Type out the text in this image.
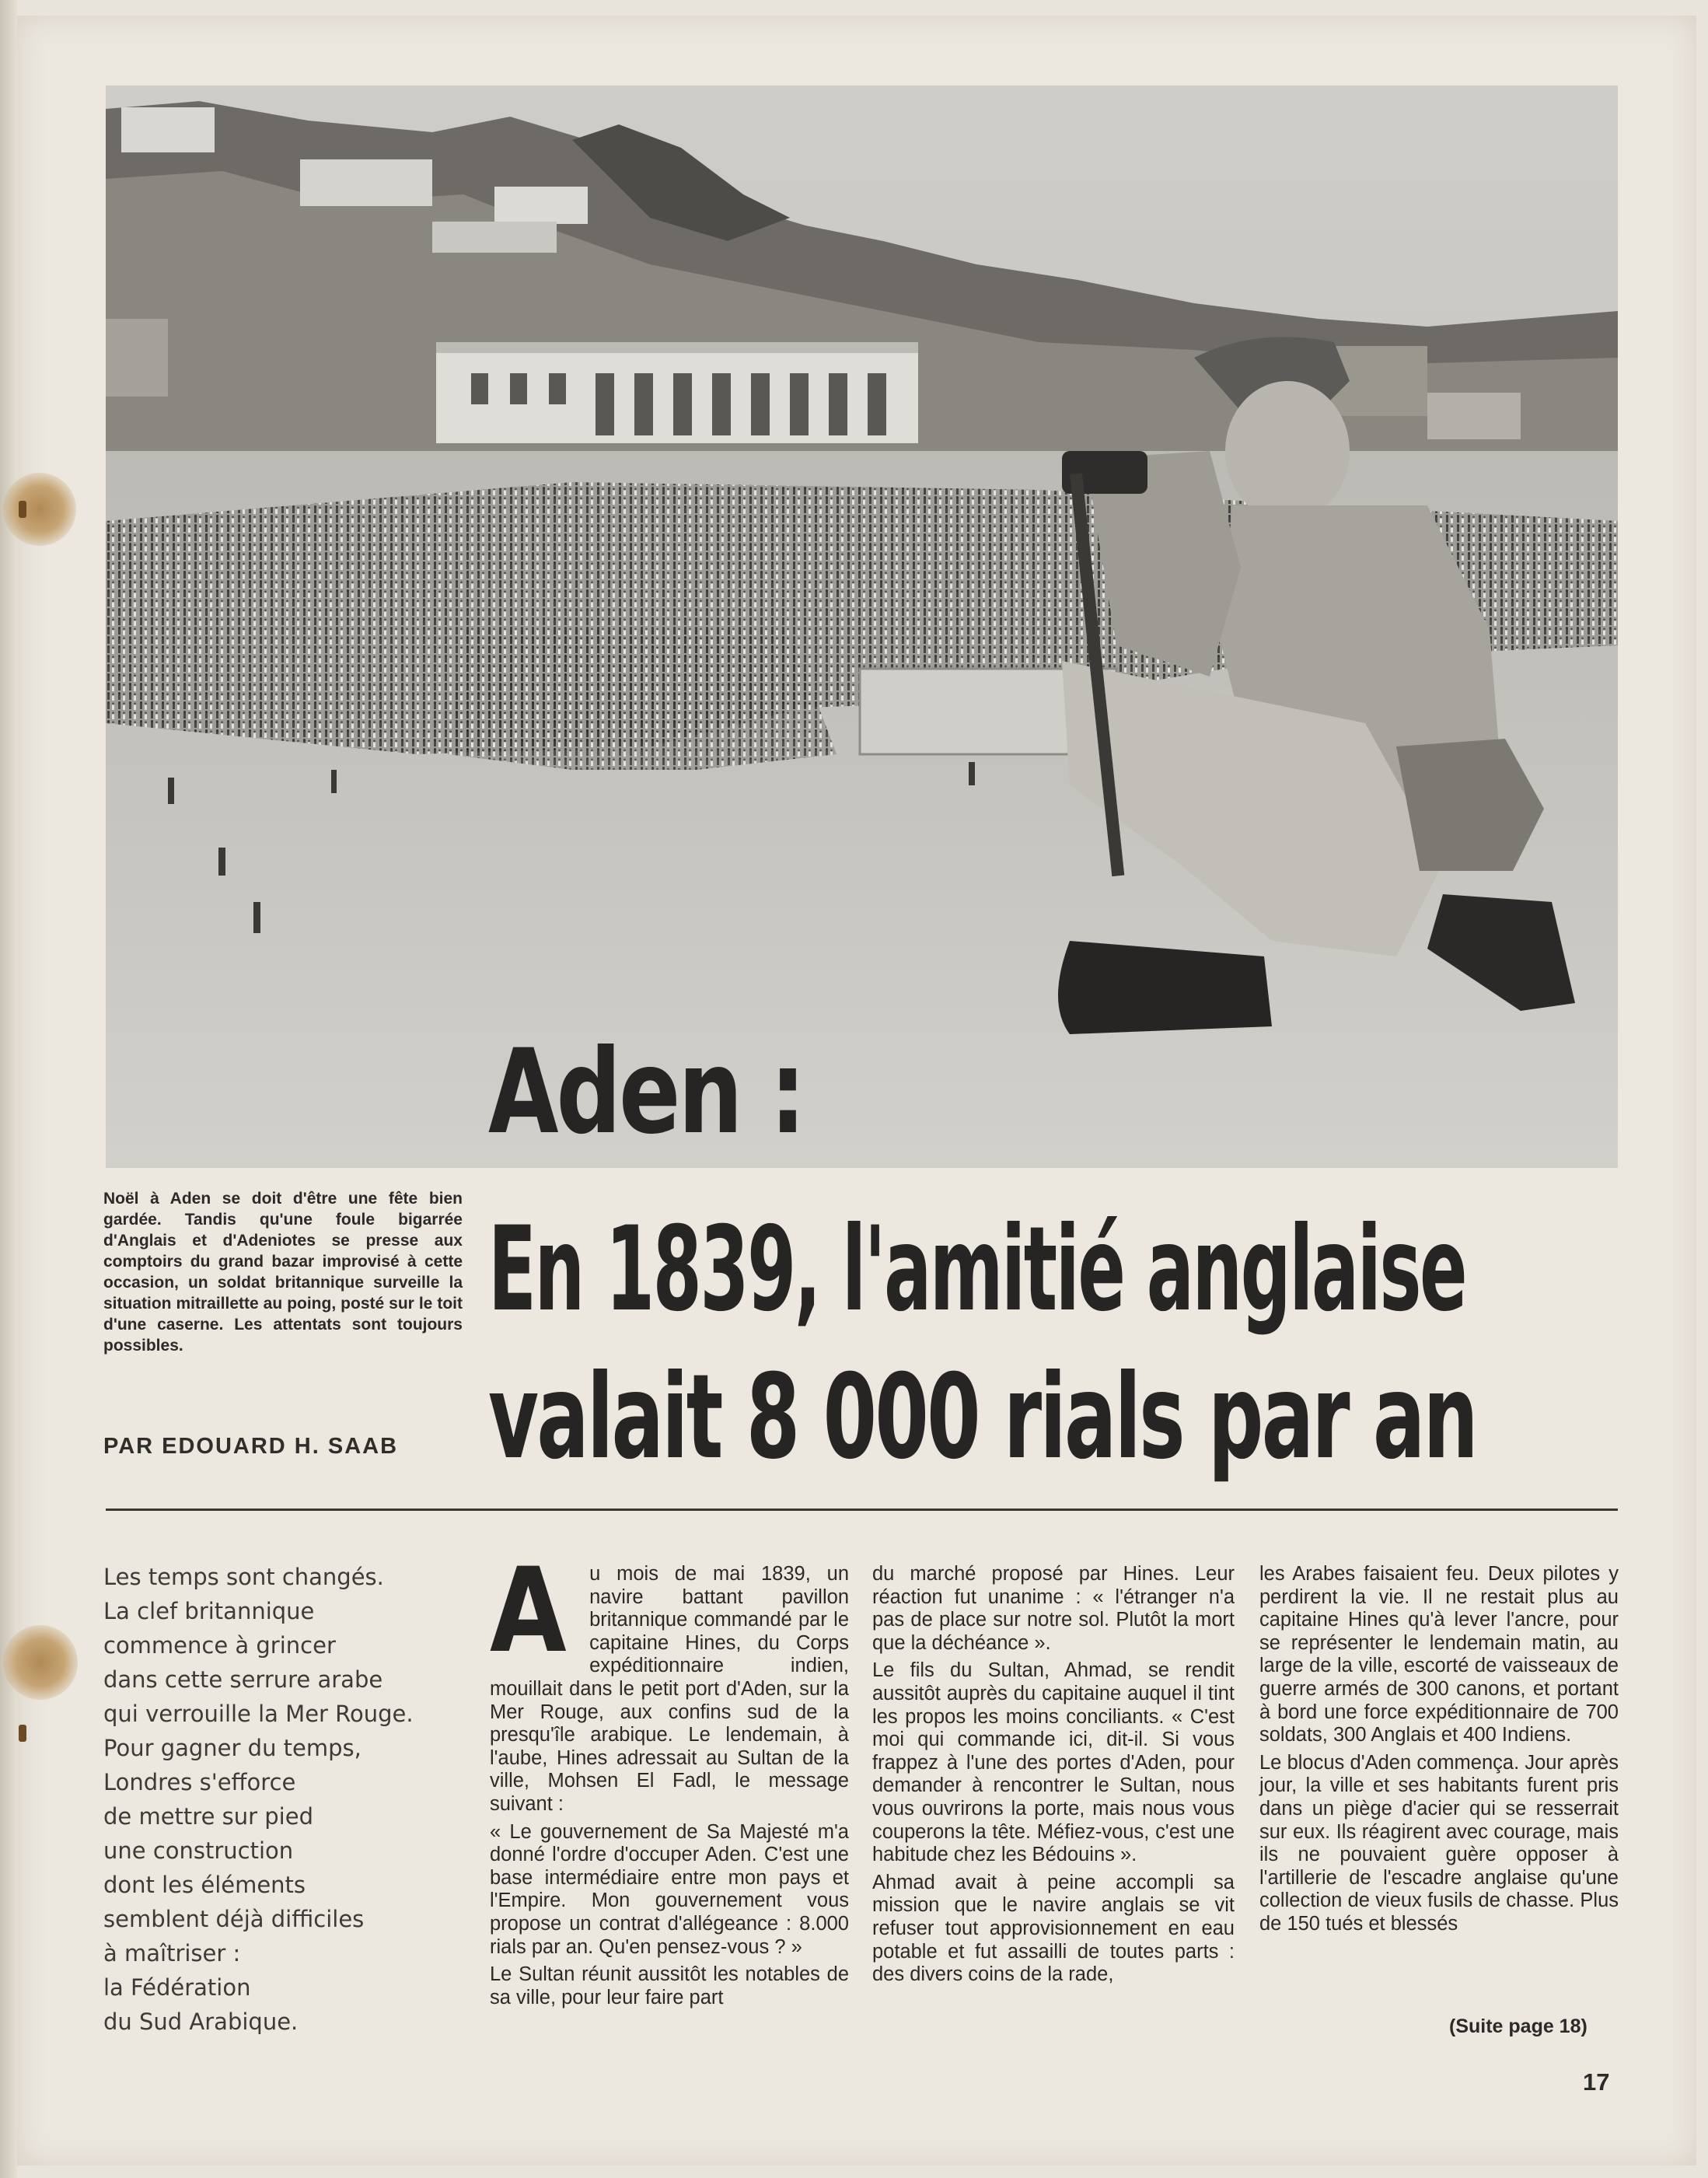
Noël à Aden se doit d'être une fête bien gardée. Tandis qu'une foule bigarrée d'Anglais et d'Adeniotes se presse aux comptoirs du grand bazar improvisé à cette occasion, un soldat britannique surveille la situation mitraillette au poing, posté sur le toit d'une caserne. Les attentats sont toujours possibles.

PAR EDOUARD H. SAAB

Aden :
En 1839, l'amitié anglaise
valait 8 000 rials par an
Les temps sont changés.
La clef britannique
commence à grincer
dans cette serrure arabe
qui verrouille la Mer Rouge.
Pour gagner du temps,
Londres s'efforce
de mettre sur pied
une construction
dont les éléments
semblent déjà difficiles
à maîtriser :
la Fédération
du Sud Arabique.
A	u mois de mai 1839, un navire battant pavillon britannique commandé par le capitaine Hines, du Corps expéditionnaire indien, mouillait dans le petit port d'Aden, sur la Mer Rouge, aux confins sud de la presqu'île arabique. Le lendemain, à l'aube, Hines adressait au Sultan de la ville, Mohsen El Fadl, le message suivant :

« Le gouvernement de Sa Majesté m'a donné l'ordre d'occuper Aden. C'est une base intermédiaire entre mon pays et l'Empire. Mon gouvernement vous propose un contrat d'allégeance : 8.000 rials par an. Qu'en pensez-vous ? »

Le Sultan réunit aussitôt les notables de sa ville, pour leur faire part

du marché proposé par Hines. Leur réaction fut unanime : « l'étranger n'a pas de place sur notre sol. Plutôt la mort que la déchéance ».

Le fils du Sultan, Ahmad, se rendit aussitôt auprès du capitaine auquel il tint les propos les moins conciliants. « C'est moi qui commande ici, dit-il. Si vous frappez à l'une des portes d'Aden, pour demander à rencontrer le Sultan, nous vous ouvrirons la porte, mais nous vous couperons la tête. Méfiez-vous, c'est une habitude chez les Bédouins ».

Ahmad avait à peine accompli sa mission que le navire anglais se vit refuser tout approvisionnement en eau potable et fut assailli de toutes parts : des divers coins de la rade,

les Arabes faisaient feu. Deux pilotes y perdirent la vie. Il ne restait plus au capitaine Hines qu'à lever l'ancre, pour se représenter le lendemain matin, au large de la ville, escorté de vaisseaux de guerre armés de 300 canons, et portant à bord une force expéditionnaire de 700 soldats, 300 Anglais et 400 Indiens.

Le blocus d'Aden commença. Jour après jour, la ville et ses habitants furent pris dans un piège d'acier qui se resserrait sur eux. Ils réagirent avec courage, mais ils ne pouvaient guère opposer à l'artillerie de l'escadre anglaise qu'une collection de vieux fusils de chasse. Plus de 150 tués et blessés

(Suite page 18)
17
